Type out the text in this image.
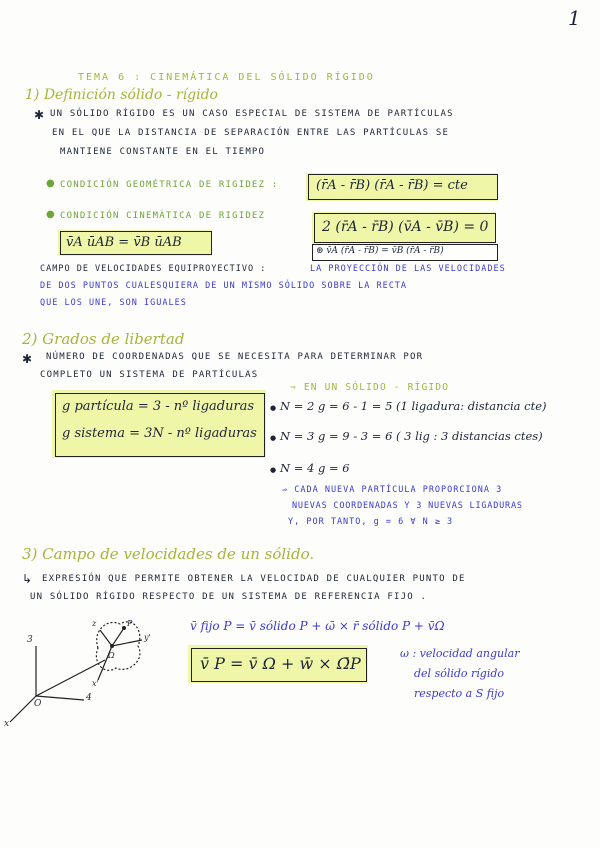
1
TEMA 6 : CINEMÁTICA DEL SÓLIDO RÍGIDO
1) Definición sólido - rígido
✱ UN SÓLIDO RÍGIDO ES UN CASO ESPECIAL DE SISTEMA DE PARTÍCULAS
EN EL QUE LA DISTANCIA DE SEPARACIÓN ENTRE LAS PARTÍCULAS SE
MANTIENE CONSTANTE EN EL TIEMPO
● CONDICIÓN GEOMÉTRICA DE RIGIDEZ :	(r̄A - r̄B) (r̄A - r̄B) = cte
● CONDICIÓN CINEMÁTICA DE RIGIDEZ
2 (r̄A - r̄B) (v̄A - v̄B) = 0
⊛ v̄A (r̄A - r̄B) = v̄B (r̄A - r̄B)
v̄A ūAB = v̄B ūAB
CAMPO DE VELOCIDADES EQUIPROYECTIVO :	LA PROYECCIÓN DE LAS VELOCIDADES
DE DOS PUNTOS CUALESQUIERA DE UN MISMO SÓLIDO SOBRE LA RECTA
QUE LOS UNE, SON IGUALES
2) Grados de libertad
✱ NÚMERO DE COORDENADAS QUE SE NECESITA PARA DETERMINAR POR
COMPLETO UN SISTEMA DE PARTÍCULAS
g partícula = 3 - nº ligaduras
g sistema = 3N - nº ligaduras
⇒ EN UN SÓLIDO - RÍGIDO
● N = 2 g = 6 - 1 = 5 (1 ligadura: distancia cte)
● N = 3 g = 9 - 3 = 6 ( 3 lig : 3 distancias ctes)
● N = 4 g = 6
⇒ CADA NUEVA PARTÍCULA PROPORCIONA 3
NUEVAS COORDENADAS Y 3 NUEVAS LIGADURAS
Y, POR TANTO, g = 6 ∀ N ≥ 3
3) Campo de velocidades de un sólido.
↳ EXPRESIÓN QUE PERMITE OBTENER LA VELOCIDAD DE CUALQUIER PUNTO DE
UN SÓLIDO RÍGIDO RESPECTO DE UN SISTEMA DE REFERENCIA FIJO .
v̄ fijo P = v̄ sólido P + ω̄ × r̄ sólido P + v̄Ω
v̄ P = v̄ Ω + w̄ × Ω̄P
ω : velocidad angular
del sólido rígido
respecto a S fijo
3
4
x
O
z
y'
x'
Ω
P
